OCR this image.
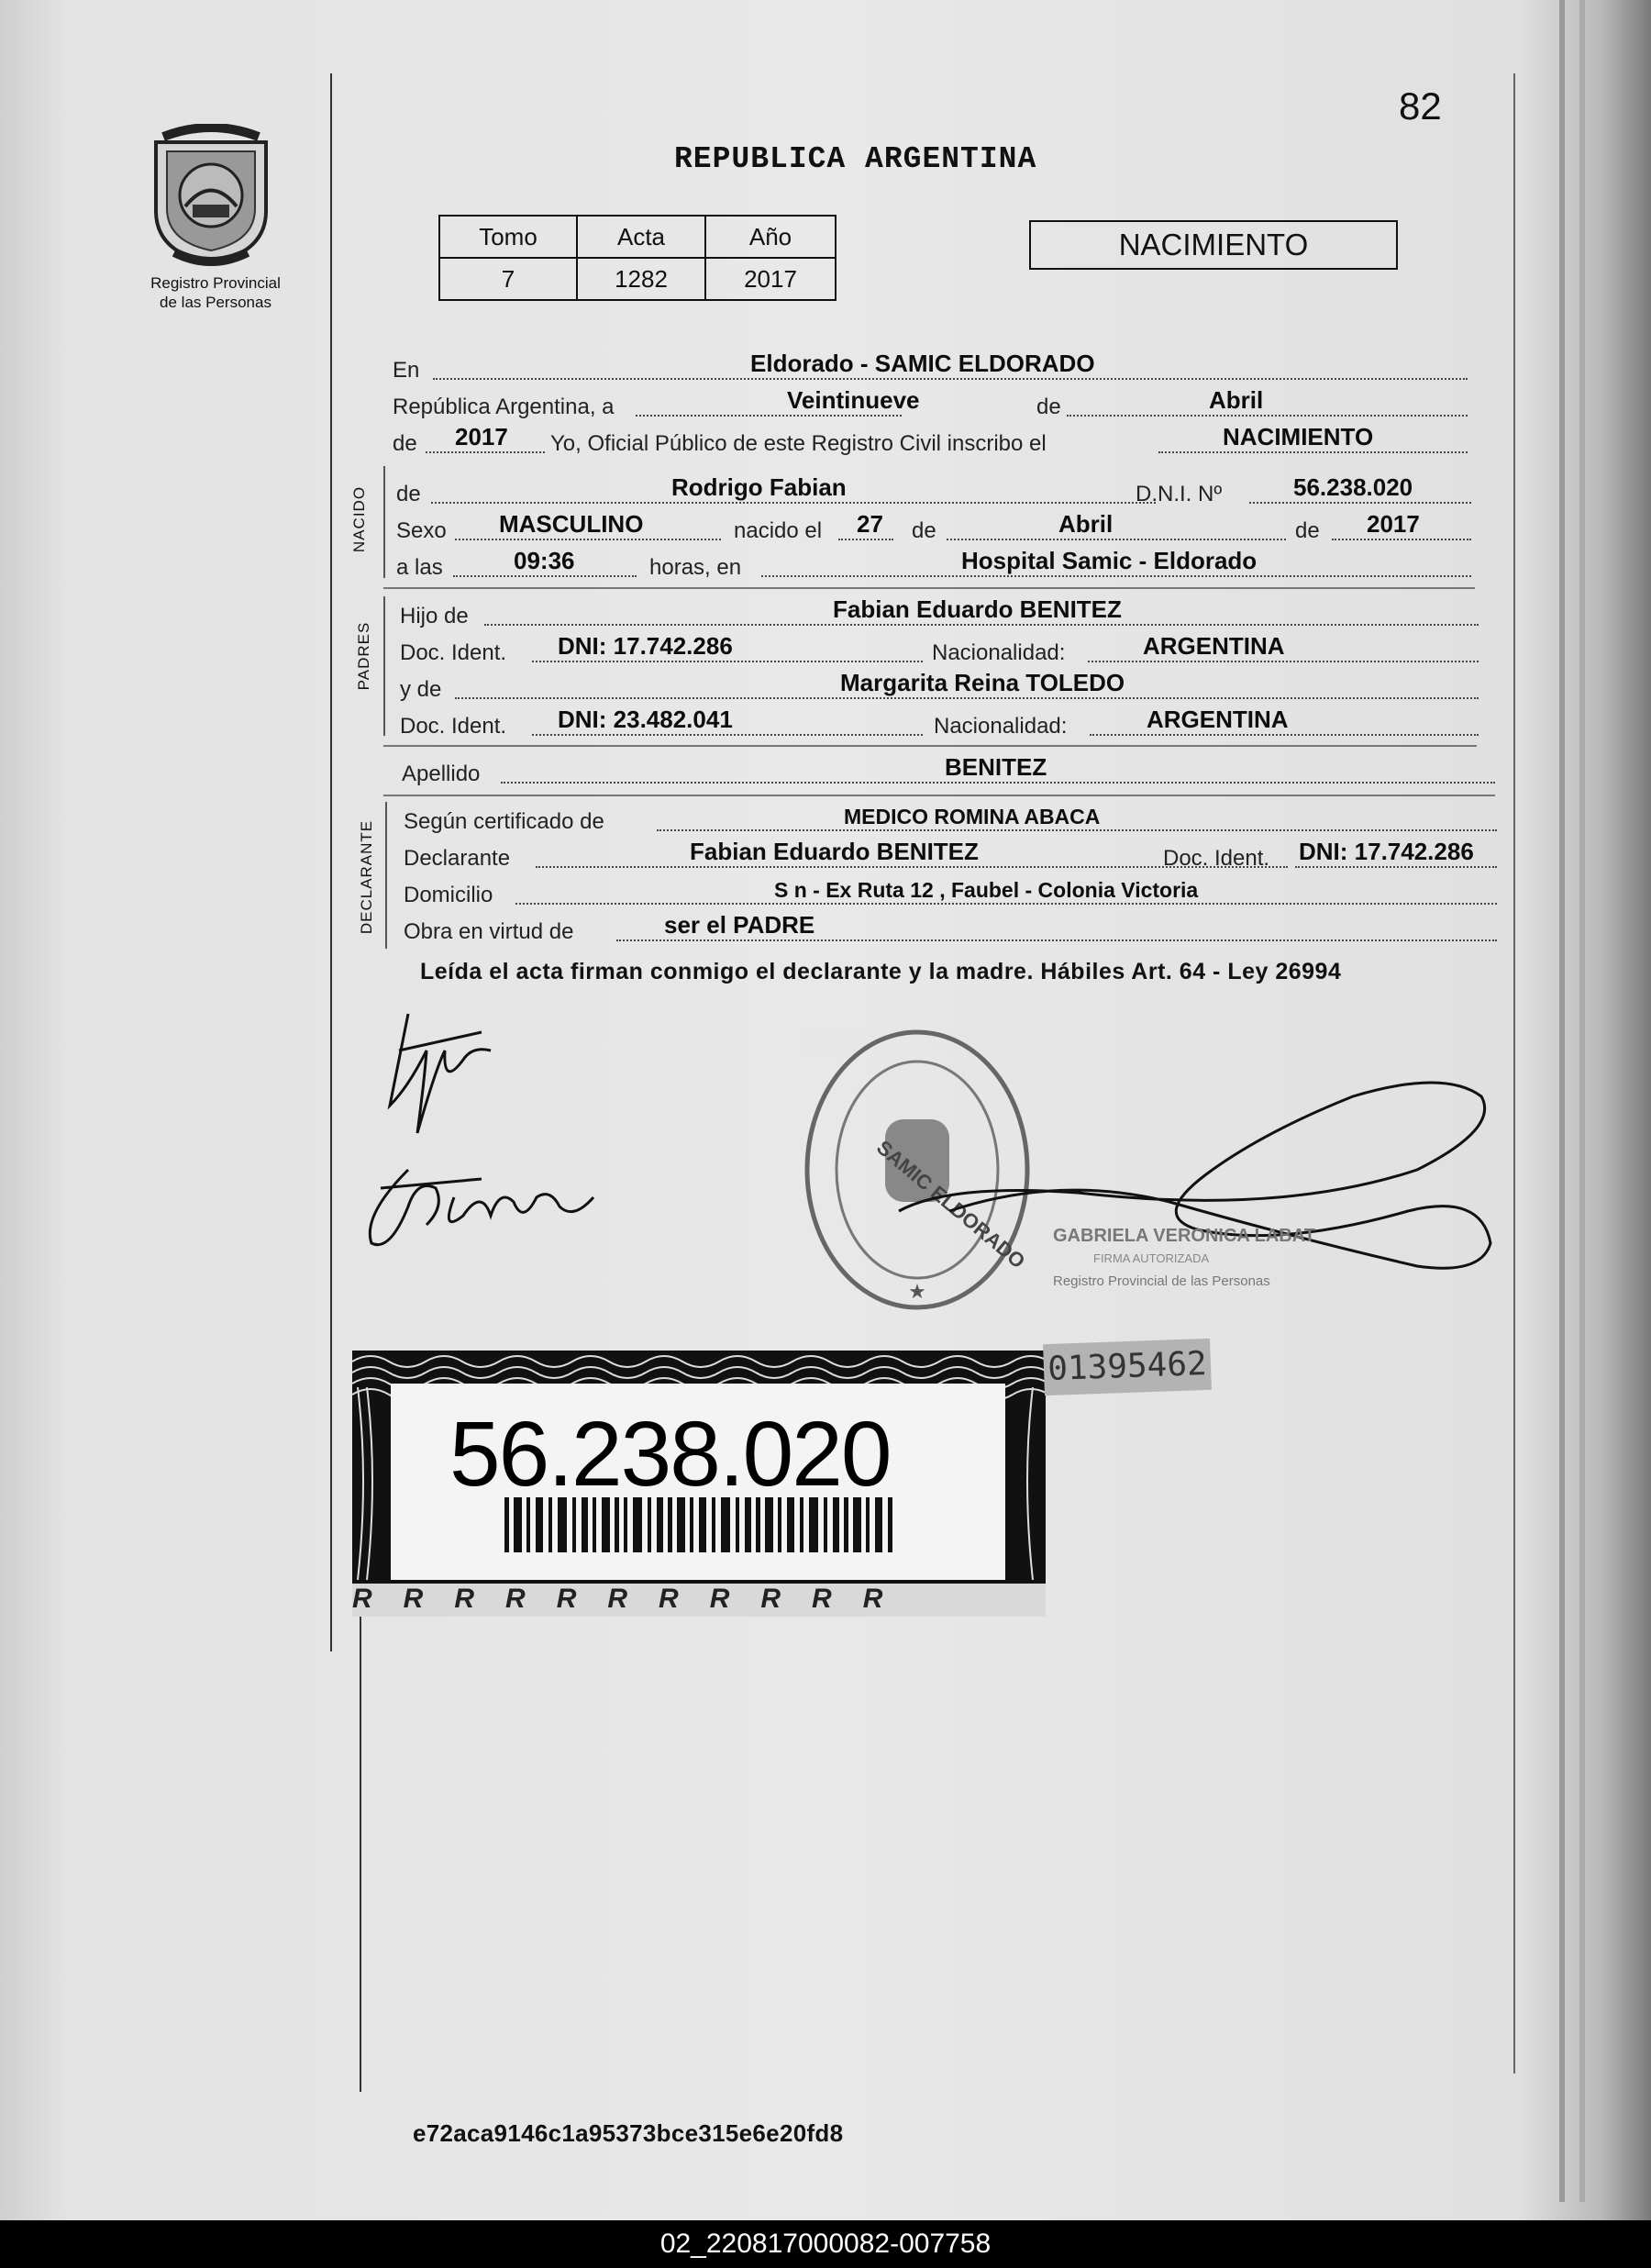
82
REPUBLICA ARGENTINA
Registro Provincial
de las Personas
Tomo	Acta	Año
7	1282	2017
NACIMIENTO
En	Eldorado - SAMIC ELDORADO
República Argentina, a	Veintinueve	de	Abril
de 2017 Yo, Oficial Público de este Registro Civil inscribo el	NACIMIENTO
NACIDO de	Rodrigo Fabian	D.N.I. Nº	56.238.020
Sexo MASCULINO	nacido el 27 de	Abril	de 2017
a las	09:36	horas, en	Hospital Samic - Eldorado
PADRES
Hijo de	Fabian Eduardo BENITEZ
Doc. Ident. DNI: 17.742.286	Nacionalidad:	ARGENTINA
y de	Margarita Reina TOLEDO
Doc. Ident. DNI: 23.482.041	Nacionalidad:	ARGENTINA
Apellido	BENITEZ
DECLARANTE Según certificado de	MEDICO ROMINA ABACA
Declarante	Fabian Eduardo BENITEZ	Doc. Ident. DNI: 17.742.286
Domicilio	S n - Ex Ruta 12 , Faubel - Colonia Victoria
Obra en virtud de	ser el PADRE
Leída el acta firman conmigo el declarante y la madre. Hábiles Art. 64 - Ley 26994
★
SAMIC ELDORADO GABRIELA VERONICA LABAT
FIRMA AUTORIZADA
Registro Provincial de las Personas
RRRRRRRRRRR
56.238.020
01395462
e72aca9146c1a95373bce315e6e20fd8
02_220817000082-007758
